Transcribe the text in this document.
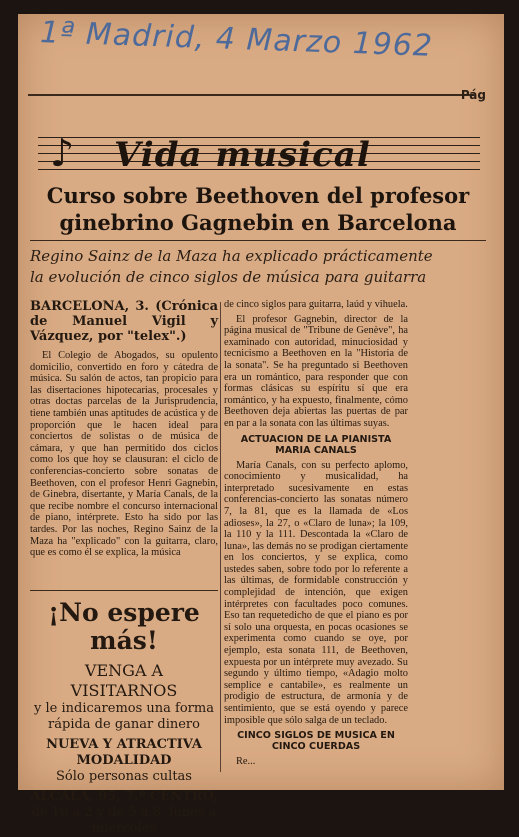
1ª Madrid, 4 Marzo 1962
Pág
♪ Vida musical
Curso sobre Beethoven del profesor
ginebrino Gagnebin en Barcelona
Regino Sainz de la Maza ha explicado prácticamente
la evolución de cinco siglos de música para guitarra
BARCELONA, 3. (Crónica de Manuel Vigil y Vázquez, por "telex".)

El Colegio de Abogados, su opulento domicilio, convertido en foro y cátedra de música. Su salón de actos, tan propicio para las disertaciones hipotecarias, procesales y otras doctas parcelas de la Jurisprudencia, tiene también unas aptitudes de acústica y de proporción que le hacen ideal para conciertos de solistas o de música de cámara, y que han permitido dos ciclos como los que hoy se clausuran: el ciclo de conferencias-concierto sobre sonatas de Beethoven, con el profesor Henri Gagnebin, de Ginebra, disertante, y María Canals, de la que recibe nombre el concurso internacional de piano, intérprete. Esto ha sido por las tardes. Por las noches, Regino Sainz de la Maza ha "explicado" con la guitarra, claro, que es como él se explica, la música

¡No espere más!
VENGA A VISITARNOS
y le indicaremos una forma rápida de ganar dinero
NUEVA Y ATRACTIVA MODALIDAD
Sólo personas cultas
ALCALA, 95, 7.º CENTRO,
de 10 a 2 y de 5 a 8, lunes a miércoles

de cinco siglos para guitarra, laúd y vihuela.

El profesor Gagnebin, director de la página musical de "Tribune de Genève", ha examinado con autoridad, minuciosidad y tecnicismo a Beethoven en la "Historia de la sonata". Se ha preguntado si Beethoven era un romántico, para responder que con formas clásicas su espíritu sí que era romántico, y ha expuesto, finalmente, cómo Beethoven deja abiertas las puertas de par en par a la sonata con las últimas suyas.

ACTUACION DE LA PIANISTA MARIA CANALS

María Canals, con su perfecto aplomo, conocimiento y musicalidad, ha interpretado sucesivamente en estas conferencias-concierto las sonatas número 7, la 81, que es la llamada de «Los adioses», la 27, o «Claro de luna»; la 109, la 110 y la 111. Descontada la «Claro de luna», las demás no se prodigan ciertamente en los conciertos, y se explica, como ustedes saben, sobre todo por lo referente a las últimas, de formidable construcción y complejidad de intención, que exigen intérpretes con facultades poco comunes. Eso tan requetedicho de que el piano es por sí solo una orquesta, en pocas ocasiones se experimenta como cuando se oye, por ejemplo, esta sonata 111, de Beethoven, expuesta por un intérprete muy avezado. Su segundo y último tiempo, «Adagio molto semplice e cantabile», es realmente un prodigio de estructura, de armonía y de sentimiento, que se está oyendo y parece imposible que sólo salga de un teclado.

CINCO SIGLOS DE MUSICA EN CINCO CUERDAS

Re...
